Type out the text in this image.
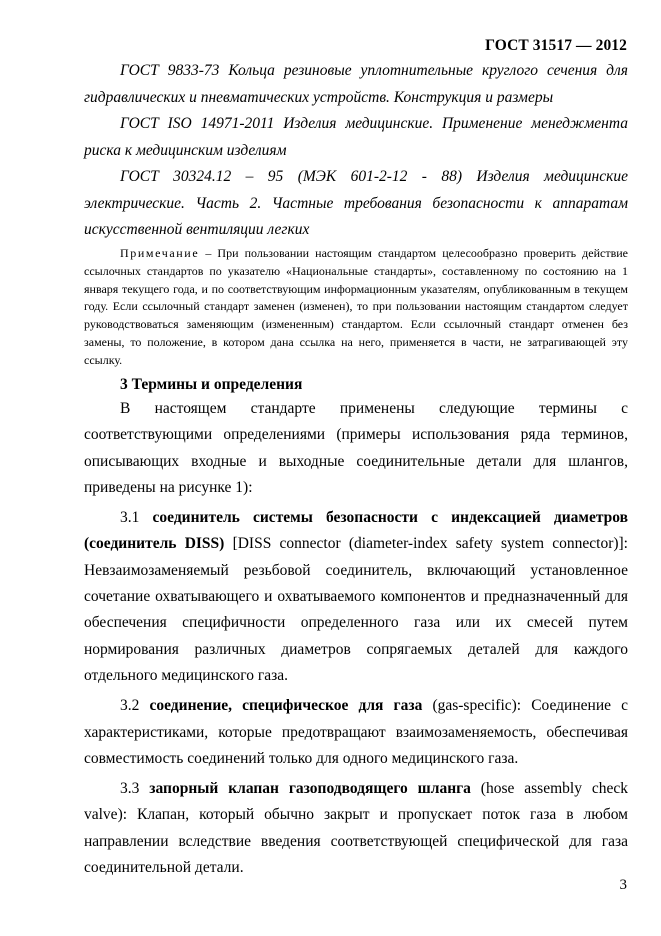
ГОСТ 31517 — 2012

ГОСТ 9833-73 Кольца резиновые уплотнительные круглого сечения для гидравлических и пневматических устройств. Конструкция и размеры

ГОСТ ISO 14971-2011 Изделия медицинские. Применение менеджмента риска к медицинским изделиям

ГОСТ 30324.12 – 95 (МЭК 601-2-12 - 88) Изделия медицинские электрические. Часть 2. Частные требования безопасности к аппаратам искусственной вентиляции легких

Примечание – При пользовании настоящим стандартом целесообразно проверить действие ссылочных стандартов по указателю «Национальные стандарты», составленному по состоянию на 1 января текущего года, и по соответствующим информационным указателям, опубликованным в текущем году. Если ссылочный стандарт заменен (изменен), то при пользовании настоящим стандартом следует руководствоваться заменяющим (измененным) стандартом. Если ссылочный стандарт отменен без замены, то положение, в котором дана ссылка на него, применяется в части, не затрагивающей эту ссылку.

3 Термины и определения

В настоящем стандарте применены следующие термины с соответствующими определениями (примеры использования ряда терминов, описывающих входные и выходные соединительные детали для шлангов, приведены на рисунке 1):

3.1 соединитель системы безопасности с индексацией диаметров (соединитель DISS) [DISS connector (diameter-index safety system connector)]: Невзаимозаменяемый резьбовой соединитель, включающий установленное сочетание охватывающего и охватываемого компонентов и предназначенный для обеспечения специфичности определенного газа или их смесей путем нормирования различных диаметров сопрягаемых деталей для каждого отдельного медицинского газа.

3.2 соединение, специфическое для газа (gas-specific): Соединение с характеристиками, которые предотвращают взаимозаменяемость, обеспечивая совместимость соединений только для одного медицинского газа.

3.3 запорный клапан газоподводящего шланга (hose assembly check valve): Клапан, который обычно закрыт и пропускает поток газа в любом направлении вследствие введения соответствующей специфической для газа соединительной детали.

3
